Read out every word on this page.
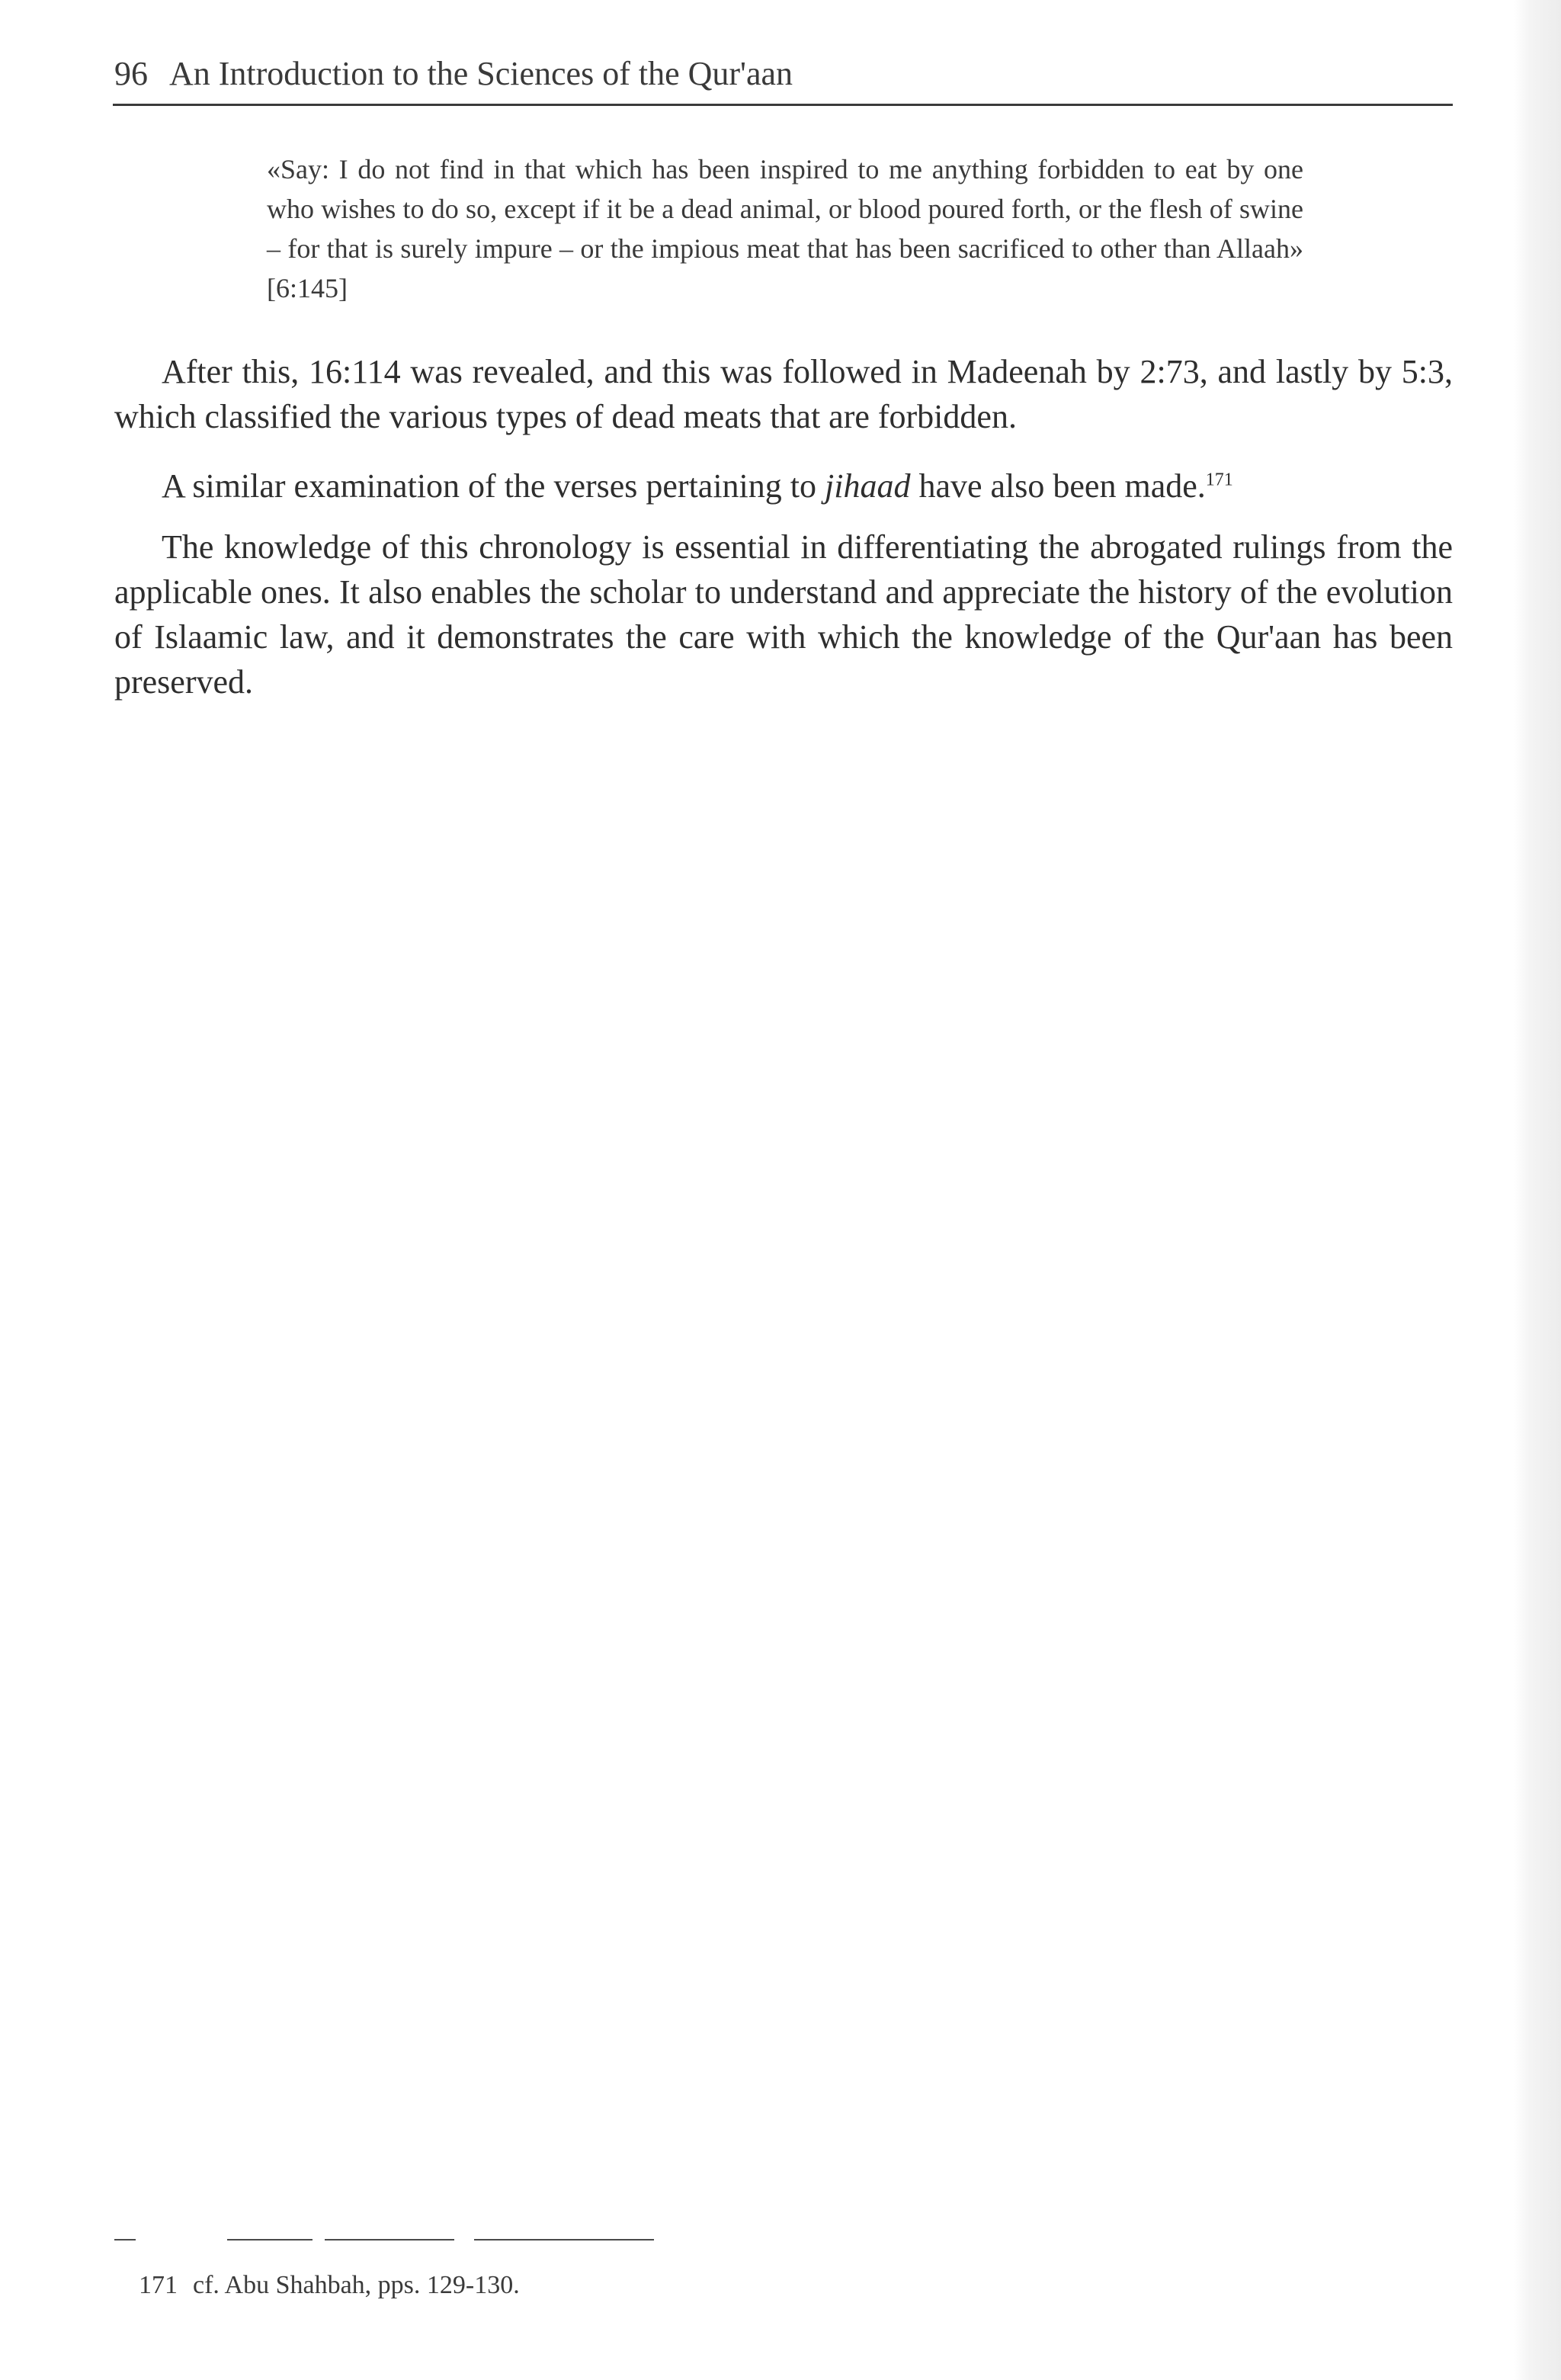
96 An Introduction to the Sciences of the Qur'aan
«Say: I do not find in that which has been inspired to me anything forbidden to eat by one who wishes to do so, except if it be a dead animal, or blood poured forth, or the flesh of swine – for that is surely impure – or the impious meat that has been sacrificed to other than Allaah» [6:145]

After this, 16:114 was revealed, and this was followed in Madeenah by 2:73, and lastly by 5:3, which classified the various types of dead meats that are forbidden.

A similar examination of the verses pertaining to jihaad have also been made.$^{171}$

The knowledge of this chronology is essential in differentiating the abrogated rulings from the applicable ones. It also enables the scholar to understand and appreciate the history of the evolution of Islaamic law, and it demonstrates the care with which the knowledge of the Qur'aan has been preserved.

171 cf. Abu Shahbah, pps. 129-130.
